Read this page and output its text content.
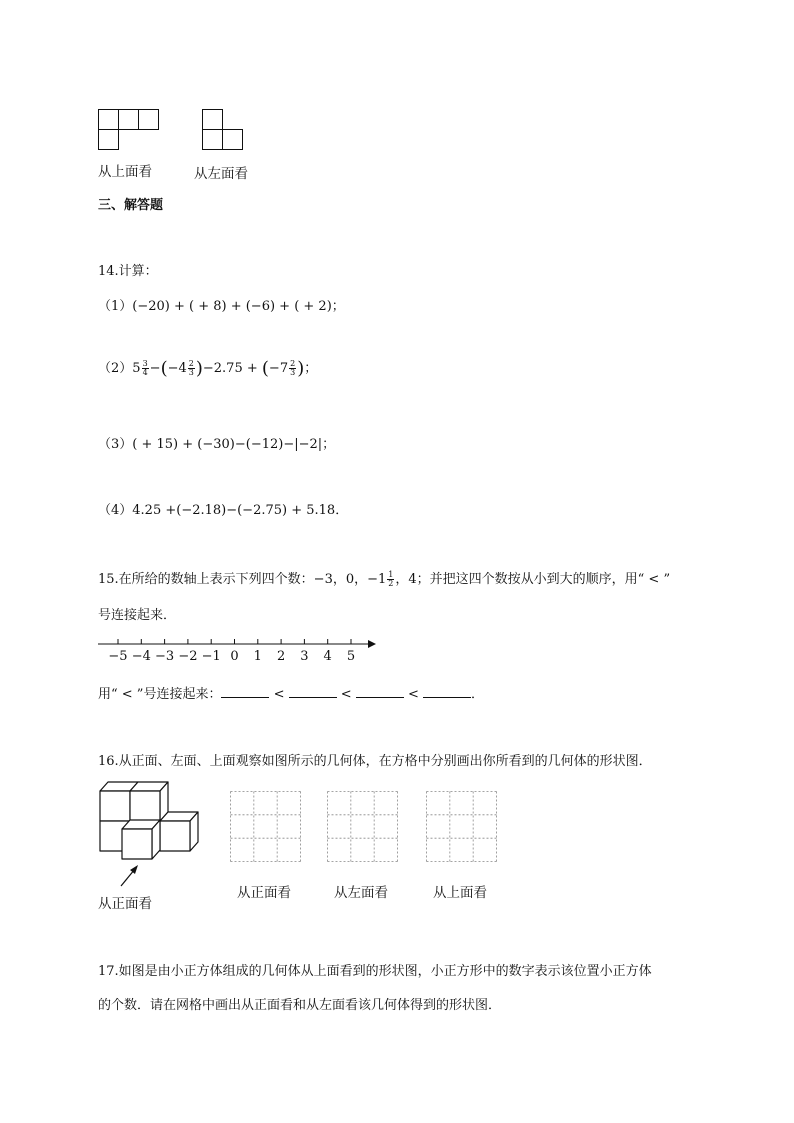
从上面看	从左面看
三、解答题
14.计算：
（1）(−20) + ( + 8) + (−6) + ( + 2)；
$(2)5 \frac{3}{4} -(-4 \frac{2}{3} )-2.75 + (-7 \frac{2}{3}$ )；
（3）( + 15) + (−30)−(−12)−|−2|；
（4）4.25 +(−2.18)−(−2.75) + 5.18．
15.在所给的数轴上表示下列四个数：−3，0，$-1 \frac{1}{2}$ ，4；并把这四个数按从小到大的顺序，用“ < ”
号连接起来．
−5 −4 −3 −2 −1 0 1 2 3 4 5
用“ < ”号连接起来：	<	<	<	．
16.从正面、左面、上面观察如图所示的几何体，在方格中分别画出你所看到的几何体的形状图．
从正面看
从正面看	从左面看	从上面看
17.如图是由小正方体组成的几何体从上面看到的形状图，小正方形中的数字表示该位置小正方体
的个数．请在网格中画出从正面看和从左面看该几何体得到的形状图．
